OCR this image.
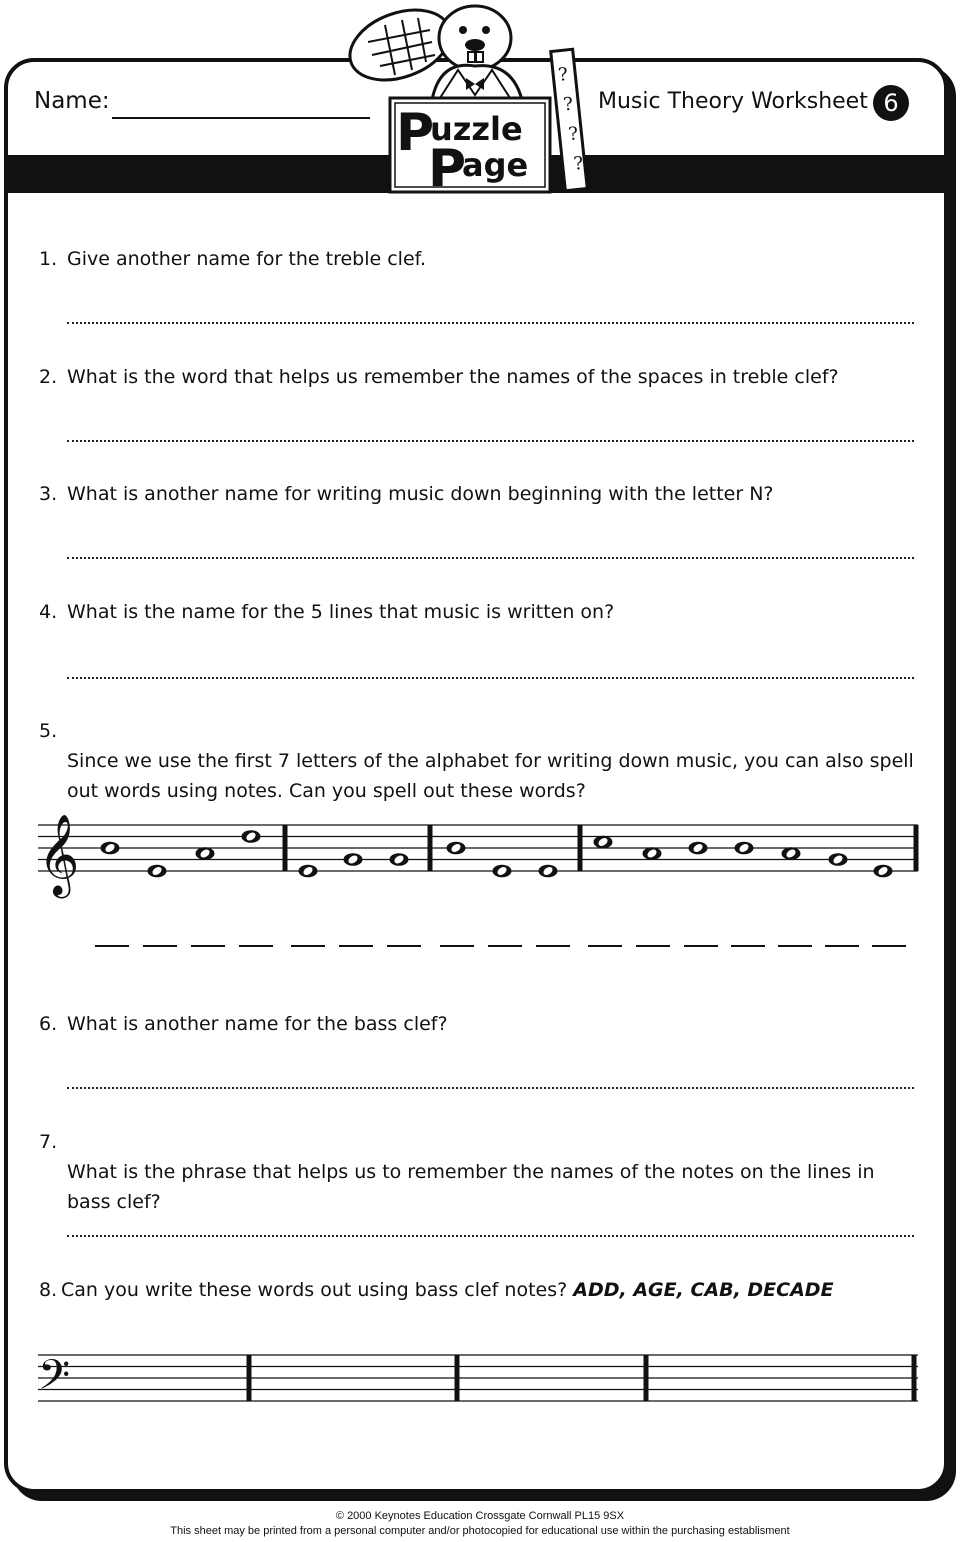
?
?
?
?
P
uzzle
P
age
Name:	Music Theory Worksheet 6
1. Give another name for the treble clef.
2. What is the word that helps us remember the names of the spaces in treble clef?
3. What is another name for writing music down beginning with the letter N?
4. What is the name for the 5 lines that music is written on?
5.
Since we use the first 7 letters of the alphabet for writing down music, you can also spell out words using notes. Can you spell out these words?
𝄞
6. What is another name for the bass clef?
7.
What is the phrase that helps us to remember the names of the notes on the lines in bass clef?
8. Can you write these words out using bass clef notes? ADD, AGE, CAB, DECADE
𝄢
© 2000 Keynotes Education Crossgate Cornwall PL15 9SX
This sheet may be printed from a personal computer and/or photocopied for educational use within the purchasing establisment
